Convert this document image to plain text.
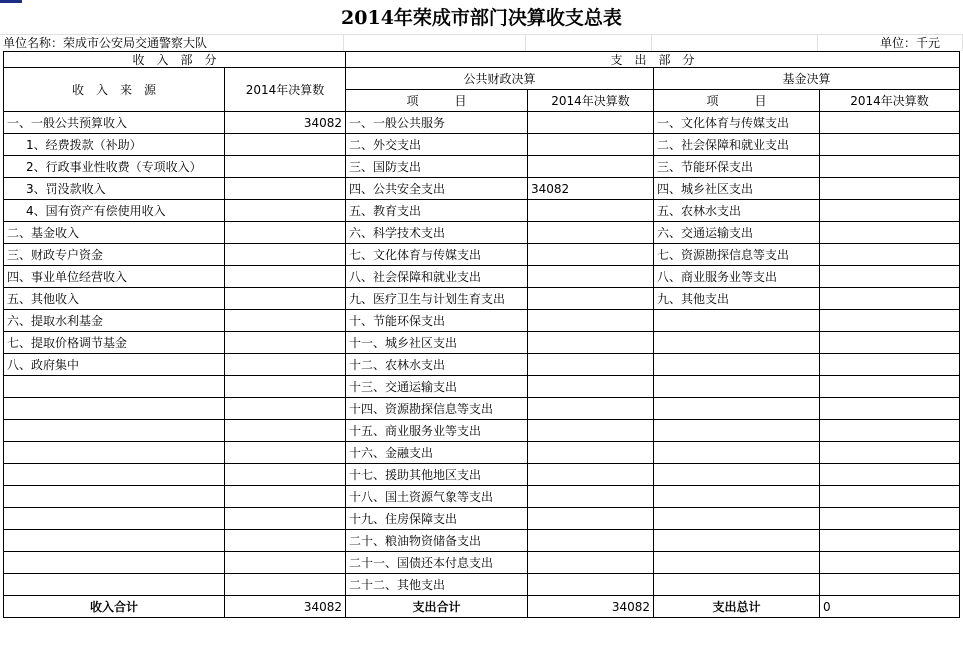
2014年荣成市部门决算收支总表
单位名称：荣成市公安局交通警察大队	单位：千元
收　入　部　分		支　出　部　分			
收　入　来　源	2014年决算数	公共财政决算		基金决算	
		项　　　目	2014年决算数	项　　　目	2014年决算数
一、一般公共预算收入	34082	一、一般公共服务		一、文化体育与传媒支出	
1、经费拨款（补助）		二、外交支出		二、社会保障和就业支出	
2、行政事业性收费（专项收入）		三、国防支出		三、节能环保支出	
3、罚没款收入		四、公共安全支出	34082	四、城乡社区支出	
4、国有资产有偿使用收入		五、教育支出		五、农林水支出	
二、基金收入		六、科学技术支出		六、交通运输支出	
三、财政专户资金		七、文化体育与传媒支出		七、资源勘探信息等支出	
四、事业单位经营收入		八、社会保障和就业支出		八、商业服务业等支出	
五、其他收入		九、医疗卫生与计划生育支出		九、其他支出	
六、提取水利基金		十、节能环保支出			
七、提取价格调节基金		十一、城乡社区支出			
八、政府集中		十二、农林水支出			
		十三、交通运输支出			
		十四、资源勘探信息等支出			
		十五、商业服务业等支出			
		十六、金融支出			
		十七、援助其他地区支出			
		十八、国土资源气象等支出			
		十九、住房保障支出			
		二十、粮油物资储备支出			
		二十一、国债还本付息支出			
		二十二、其他支出			
收入合计	34082	支出合计	34082	支出总计	0
